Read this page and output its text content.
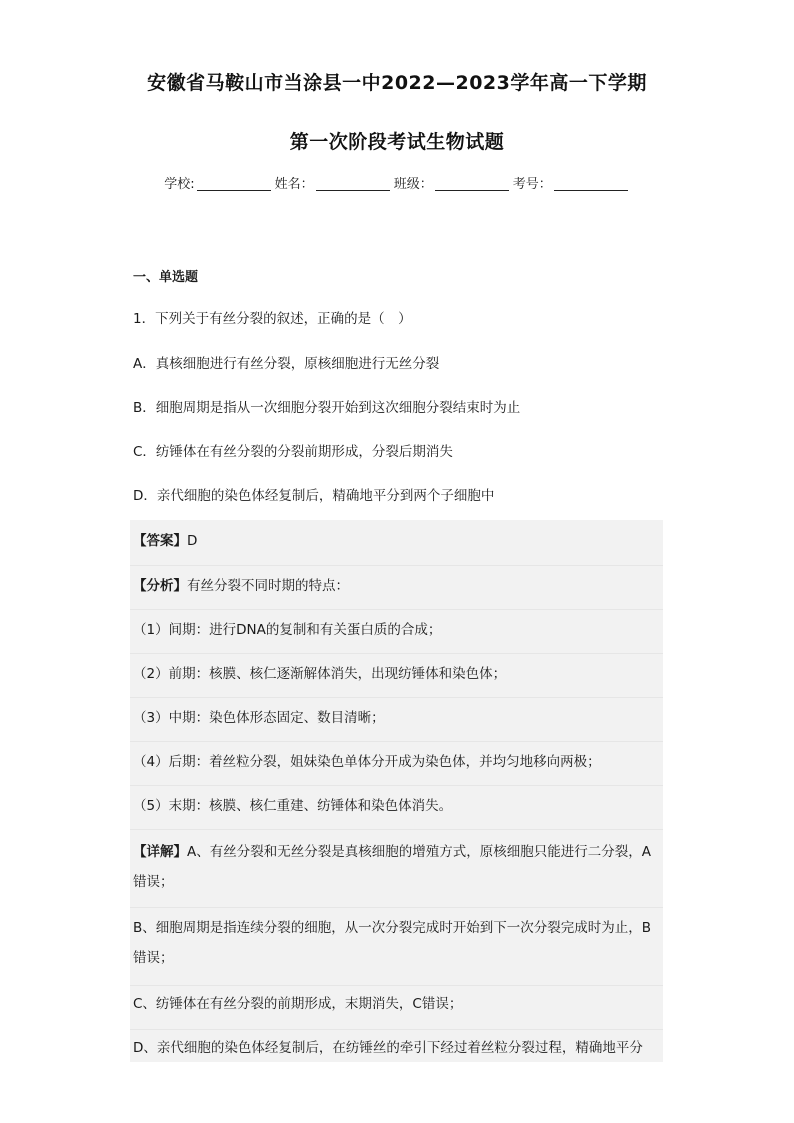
安徽省马鞍山市当涂县一中2022—2023学年高一下学期
第一次阶段考试生物试题
学校:	姓名：	班级：	考号：
一、单选题
1．下列关于有丝分裂的叙述，正确的是（　）
A．真核细胞进行有丝分裂，原核细胞进行无丝分裂
B．细胞周期是指从一次细胞分裂开始到这次细胞分裂结束时为止
C．纺锤体在有丝分裂的分裂前期形成，分裂后期消失
D．亲代细胞的染色体经复制后，精确地平分到两个子细胞中
【答案】D
【分析】有丝分裂不同时期的特点：
（1）间期：进行DNA的复制和有关蛋白质的合成；
（2）前期：核膜、核仁逐渐解体消失，出现纺锤体和染色体；
（3）中期：染色体形态固定、数目清晰；
（4）后期：着丝粒分裂，姐妹染色单体分开成为染色体，并均匀地移向两极；
（5）末期：核膜、核仁重建、纺锤体和染色体消失。
【详解】A、有丝分裂和无丝分裂是真核细胞的增殖方式，原核细胞只能进行二分裂，A
错误；
B、细胞周期是指连续分裂的细胞，从一次分裂完成时开始到下一次分裂完成时为止，B
错误；
C、纺锤体在有丝分裂的前期形成，末期消失，C错误；
D、亲代细胞的染色体经复制后，在纺锤丝的牵引下经过着丝粒分裂过程，精确地平分
